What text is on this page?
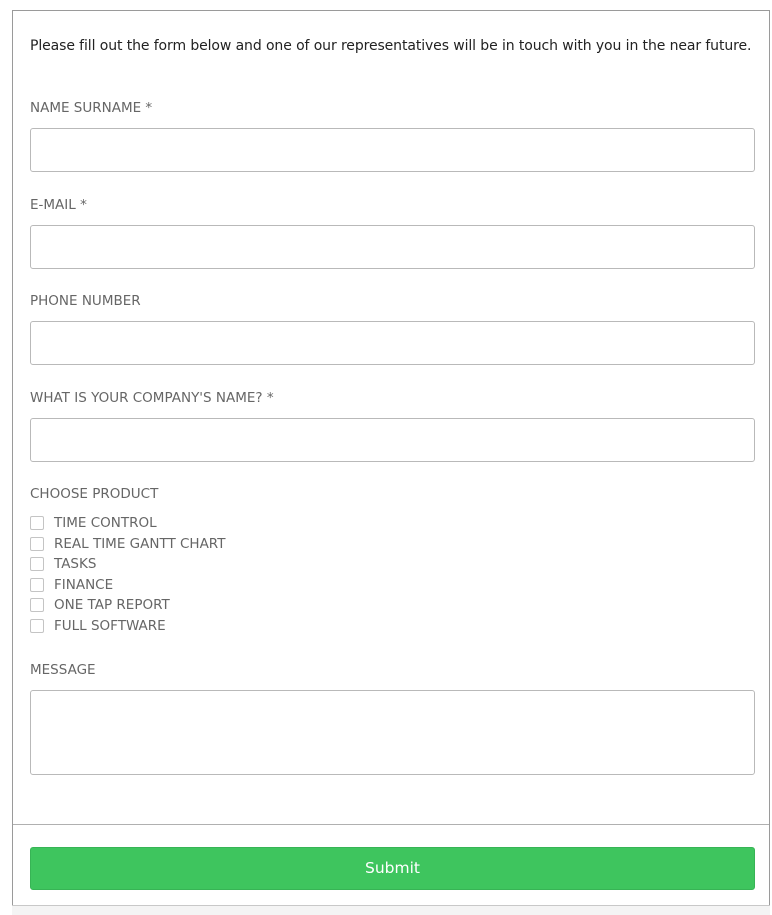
Please fill out the form below and one of our representatives will be in touch with you in the near future.
NAME SURNAME *
E-MAIL *
PHONE NUMBER
WHAT IS YOUR COMPANY'S NAME? *
CHOOSE PRODUCT
TIME CONTROL
REAL TIME GANTT CHART
TASKS
FINANCE
ONE TAP REPORT
FULL SOFTWARE
MESSAGE
Submit
